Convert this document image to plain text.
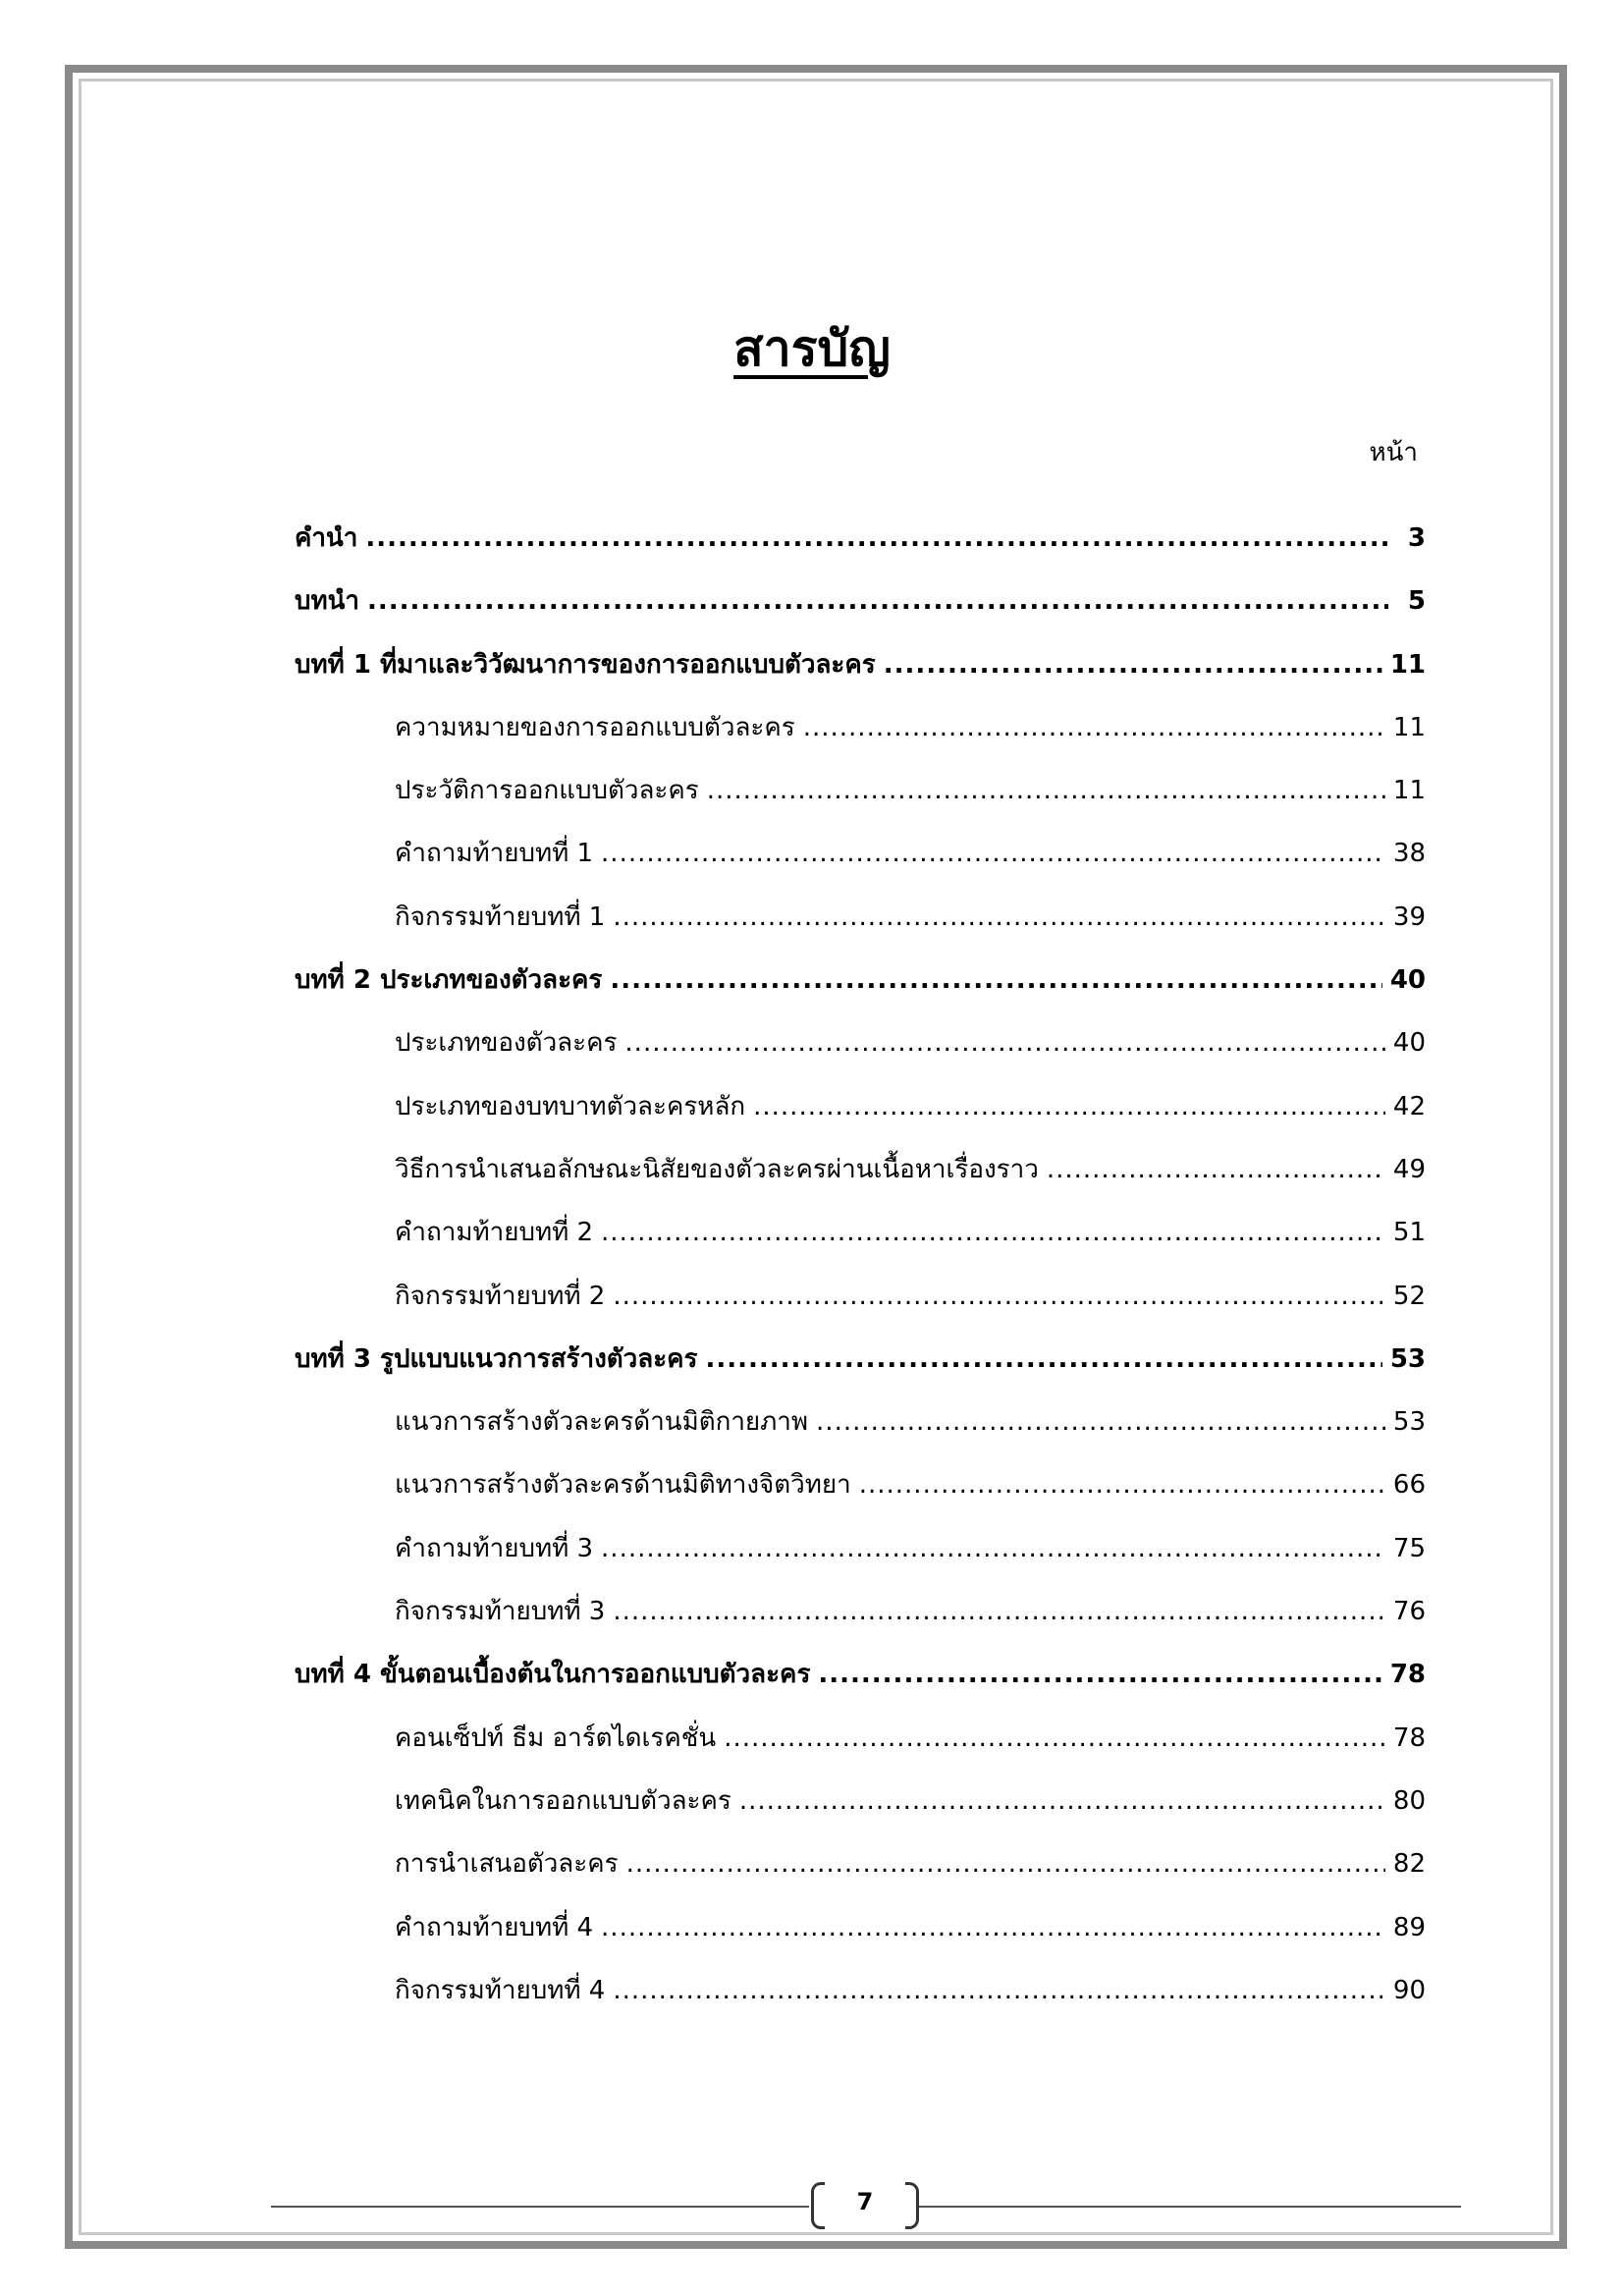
สารบัญ
หน้า
คำนำ .....	3
บทนำ .....	5
บทที่ 1 ที่มาและวิวัฒนาการของการออกแบบตัวละคร .....	11
ความหมายของการออกแบบตัวละคร .....	11
ประวัติการออกแบบตัวละคร .....	11
คำถามท้ายบทที่ 1 .....	38
กิจกรรมท้ายบทที่ 1 .....	39
บทที่ 2 ประเภทของตัวละคร .....	40
ประเภทของตัวละคร .....	40
ประเภทของบทบาทตัวละครหลัก .....	42
วิธีการนำเสนอลักษณะนิสัยของตัวละครผ่านเนื้อหาเรื่องราว .....	49
คำถามท้ายบทที่ 2 .....	51
กิจกรรมท้ายบทที่ 2 .....	52
บทที่ 3 รูปแบบแนวการสร้างตัวละคร .....	53
แนวการสร้างตัวละครด้านมิติกายภาพ .....	53
แนวการสร้างตัวละครด้านมิติทางจิตวิทยา .....	66
คำถามท้ายบทที่ 3 .....	75
กิจกรรมท้ายบทที่ 3 .....	76
บทที่ 4 ขั้นตอนเบื้องต้นในการออกแบบตัวละคร .....	78
คอนเซ็ปท์ ธีม อาร์ตไดเรคชั่น .....	78
เทคนิคในการออกแบบตัวละคร .....	80
การนำเสนอตัวละคร .....	82
คำถามท้ายบทที่ 4 .....	89
กิจกรรมท้ายบทที่ 4 .....	90
7
